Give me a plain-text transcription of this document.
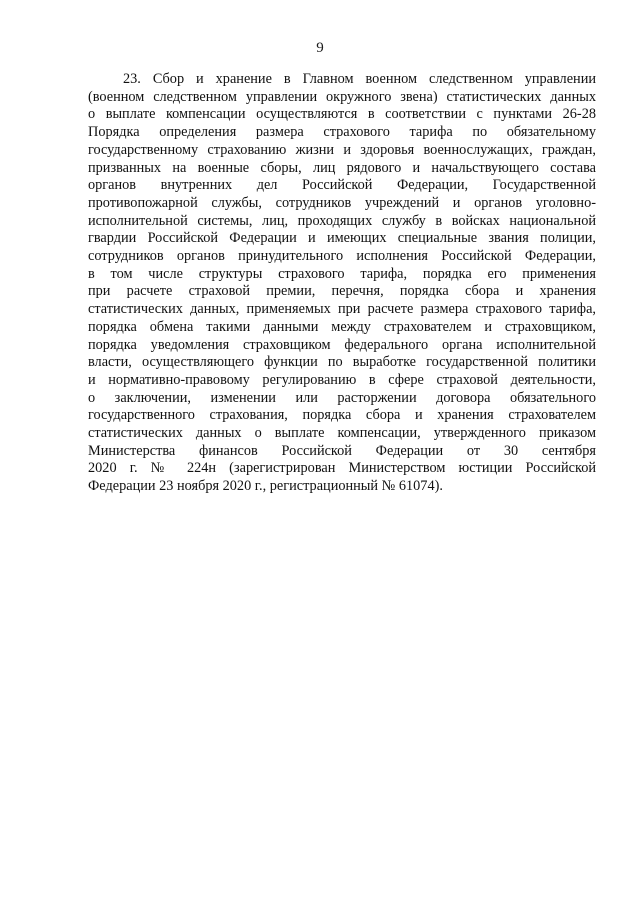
9

23. Сбор и хранение в Главном военном следственном управлении
(военном следственном управлении окружного звена) статистических данных
о выплате компенсации осуществляются в соответствии с пунктами 26-28
Порядка определения размера страхового тарифа по обязательному
государственному страхованию жизни и здоровья военнослужащих, граждан,
призванных на военные сборы, лиц рядового и начальствующего состава
органов внутренних дел Российской Федерации, Государственной
противопожарной службы, сотрудников учреждений и органов уголовно-
исполнительной системы, лиц, проходящих службу в войсках национальной
гвардии Российской Федерации и имеющих специальные звания полиции,
сотрудников органов принудительного исполнения Российской Федерации,
в том числе структуры страхового тарифа, порядка его применения
при расчете страховой премии, перечня, порядка сбора и хранения
статистических данных, применяемых при расчете размера страхового тарифа,
порядка обмена такими данными между страхователем и страховщиком,
порядка уведомления страховщиком федерального органа исполнительной
власти, осуществляющего функции по выработке государственной политики
и нормативно-правовому регулированию в сфере страховой деятельности,
о заключении, изменении или расторжении договора обязательного
государственного страхования, порядка сбора и хранения страхователем
статистических данных о выплате компенсации, утвержденного приказом
Министерства финансов Российской Федерации от 30 сентября
2020 г. № 224н (зарегистрирован Министерством юстиции Российской
Федерации 23 ноября 2020 г., регистрационный № 61074).
